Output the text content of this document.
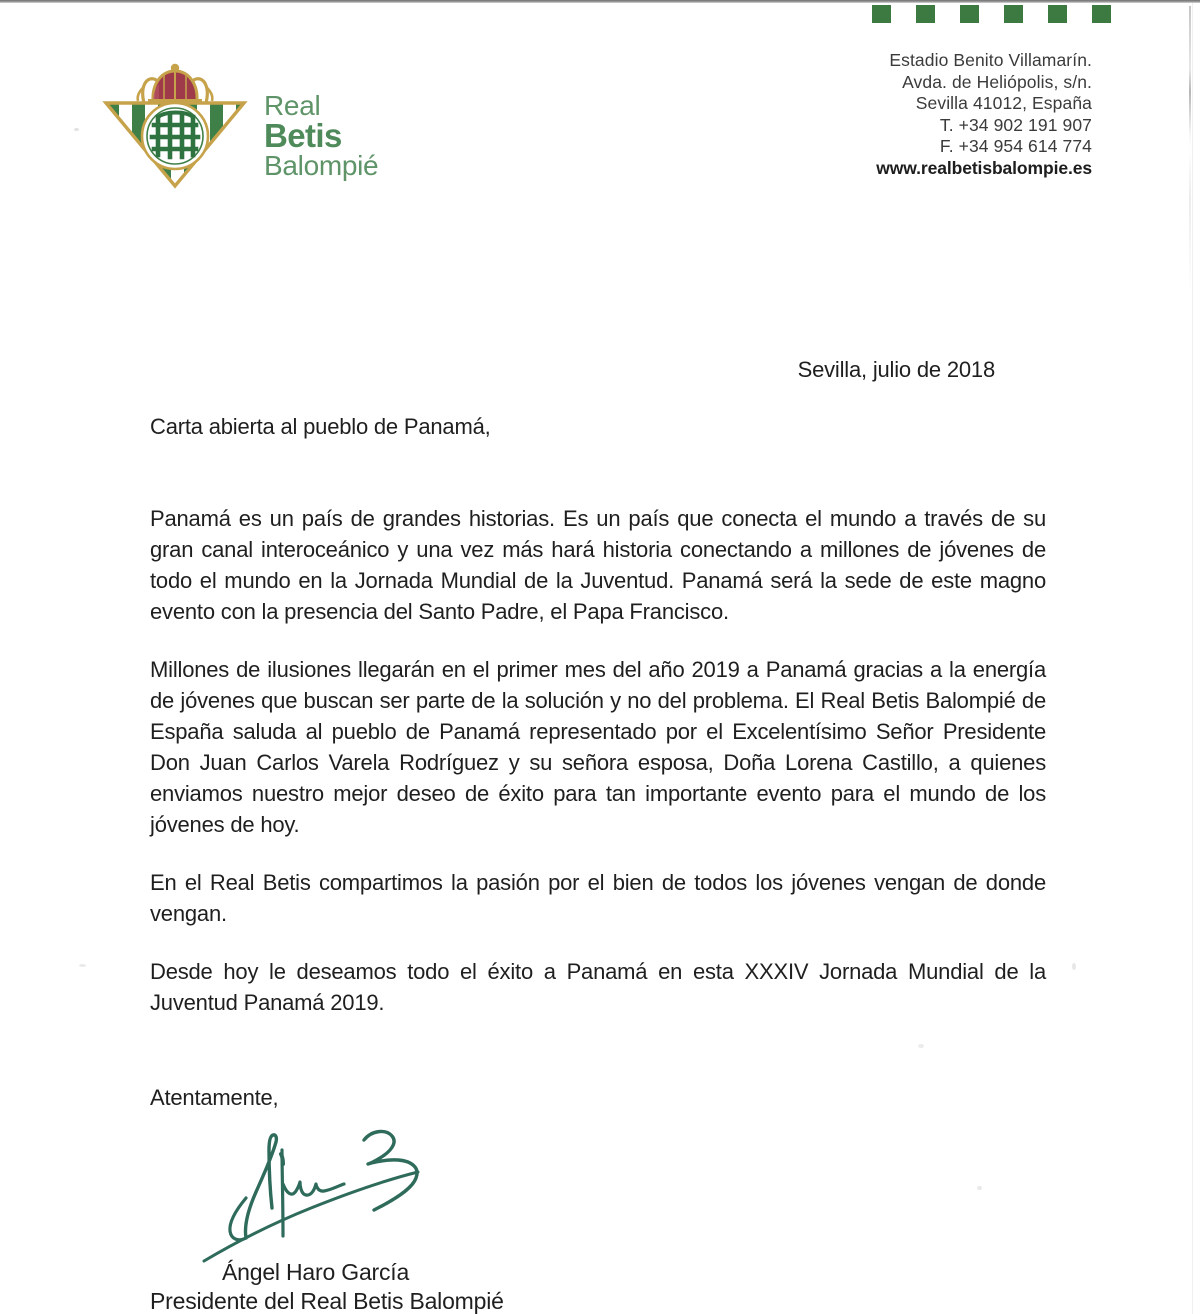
Real
Betis
Balompié
Estadio Benito Villamarín.
Avda. de Heliópolis, s/n.
Sevilla 41012, España
T. +34 902 191 907
F. +34 954 614 774
www.realbetisbalompie.es
Sevilla, julio de 2018
Carta abierta al pueblo de Panamá,

Panamá es un país de grandes historias. Es un país que conecta el mundo a través de su gran canal interoceánico y una vez más hará historia conectando a millones de jóvenes de todo el mundo en la Jornada Mundial de la Juventud. Panamá será la sede de este magno evento con la presencia del Santo Padre, el Papa Francisco.

Millones de ilusiones llegarán en el primer mes del año 2019 a Panamá gracias a la energía de jóvenes que buscan ser parte de la solución y no del problema. El Real Betis Balompié de España saluda al pueblo de Panamá representado por el Excelentísimo Señor Presidente Don Juan Carlos Varela Rodríguez y su señora esposa, Doña Lorena Castillo, a quienes enviamos nuestro mejor deseo de éxito para tan importante evento para el mundo de los jóvenes de hoy.

En el Real Betis compartimos la pasión por el bien de todos los jóvenes vengan de donde vengan.

Desde hoy le deseamos todo el éxito a Panamá en esta XXXIV Jornada Mundial de la Juventud Panamá 2019.

Atentamente,
Ángel Haro García
Presidente del Real Betis Balompié
